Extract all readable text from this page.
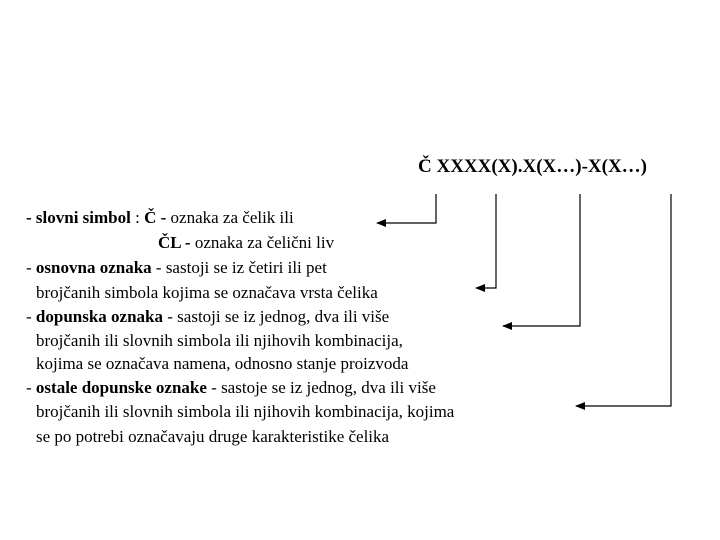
Č XXXX(X).X(X…)-X(X…)
- slovni simbol : Č - oznaka za čelik ili
ČL - oznaka za čelični liv
- osnovna oznaka - sastoji se iz četiri ili pet
brojčanih simbola kojima se označava vrsta čelika
- dopunska oznaka - sastoji se iz jednog, dva ili više
brojčanih ili slovnih simbola ili njihovih kombinacija,
kojima se označava namena, odnosno stanje proizvoda
- ostale dopunske oznake - sastoje se iz jednog, dva ili više
brojčanih ili slovnih simbola ili njihovih kombinacija, kojima
se po potrebi označavaju druge karakteristike čelika
